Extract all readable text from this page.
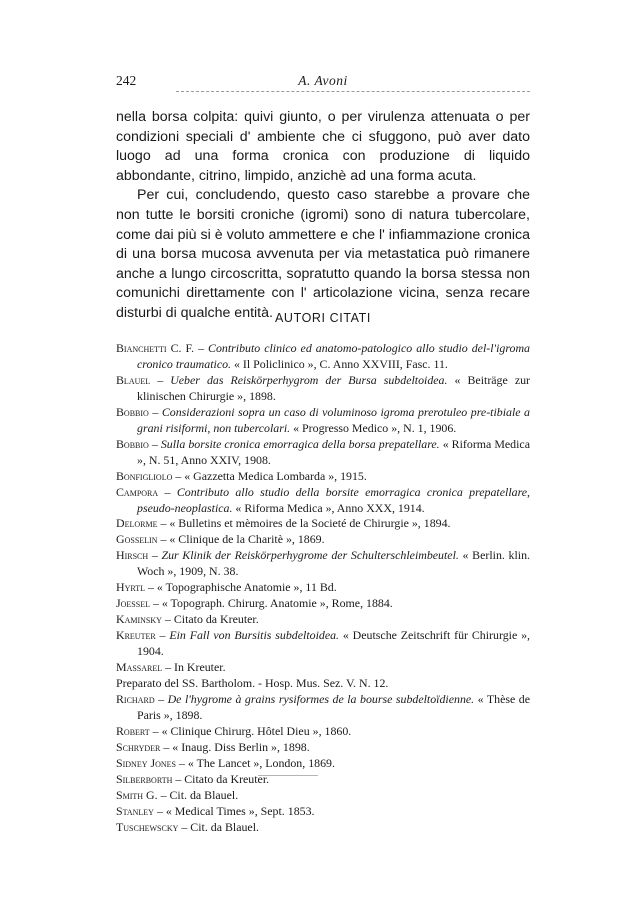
242	A. Avoni

nella borsa colpita: quivi giunto, o per virulenza attenuata o per condizioni speciali d' ambiente che ci sfuggono, può aver dato luogo ad una forma cronica con produzione di liquido abbondante, citrino, limpido, anzichè ad una forma acuta.

Per cui, concludendo, questo caso starebbe a provare che non tutte le borsiti croniche (igromi) sono di natura tubercolare, come dai più si è voluto ammettere e che l' infiammazione cronica di una borsa mucosa avvenuta per via metastatica può rimanere anche a lungo circoscritta, sopratutto quando la borsa stessa non comunichi direttamente con l' articolazione vicina, senza recare disturbi di qualche entità. AUTORI CITATI
Bianchetti C. F. – Contributo clinico ed anatomo-patologico allo studio del-l'igroma cronico traumatico. « Il Policlinico », C. Anno XXVIII, Fasc. 11.
Blauel – Ueber das Reiskörperhygrom der Bursa subdeltoidea. « Beiträge zur klinischen Chirurgie », 1898.
Bobbio – Considerazioni sopra un caso di voluminoso igroma prerotuleo pre-tibiale a grani risiformi, non tubercolari. « Progresso Medico », N. 1, 1906.
Bobbio – Sulla borsite cronica emorragica della borsa prepatellare. « Riforma Medica », N. 51, Anno XXIV, 1908.
Bonfigliolo – « Gazzetta Medica Lombarda », 1915.
Campora – Contributo allo studio della borsite emorragica cronica prepatellare, pseudo-neoplastica. « Riforma Medica », Anno XXX, 1914.
Delorme – « Bulletins et mèmoires de la Societé de Chirurgie », 1894.
Gosselin – « Clinique de la Charitè », 1869.
Hirsch – Zur Klinik der Reiskörperhygrome der Schulterschleimbeutel. « Berlin. klin. Woch », 1909, N. 38.
Hyrtl – « Topographische Anatomie », 11 Bd.
Joessel – « Topograph. Chirurg. Anatomie », Rome, 1884.
Kaminsky – Citato da Kreuter.
Kreuter – Ein Fall von Bursitis subdeltoidea. « Deutsche Zeitschrift für Chirurgie », 1904.
Massarel – In Kreuter.
Preparato del SS. Bartholom. - Hosp. Mus. Sez. V. N. 12.
Richard – De l'hygrome à grains rysiformes de la bourse subdeltoïdienne. « Thèse de Paris », 1898.
Robert – « Clinique Chirurg. Hôtel Dieu », 1860.
Schryder – « Inaug. Diss Berlin », 1898.
Sidney Jones – « The Lancet », London, 1869.
Silberborth – Citato da Kreuter.
Smith G. – Cit. da Blauel.
Stanley – « Medical Times », Sept. 1853.
Tuschewscky – Cit. da Blauel.
